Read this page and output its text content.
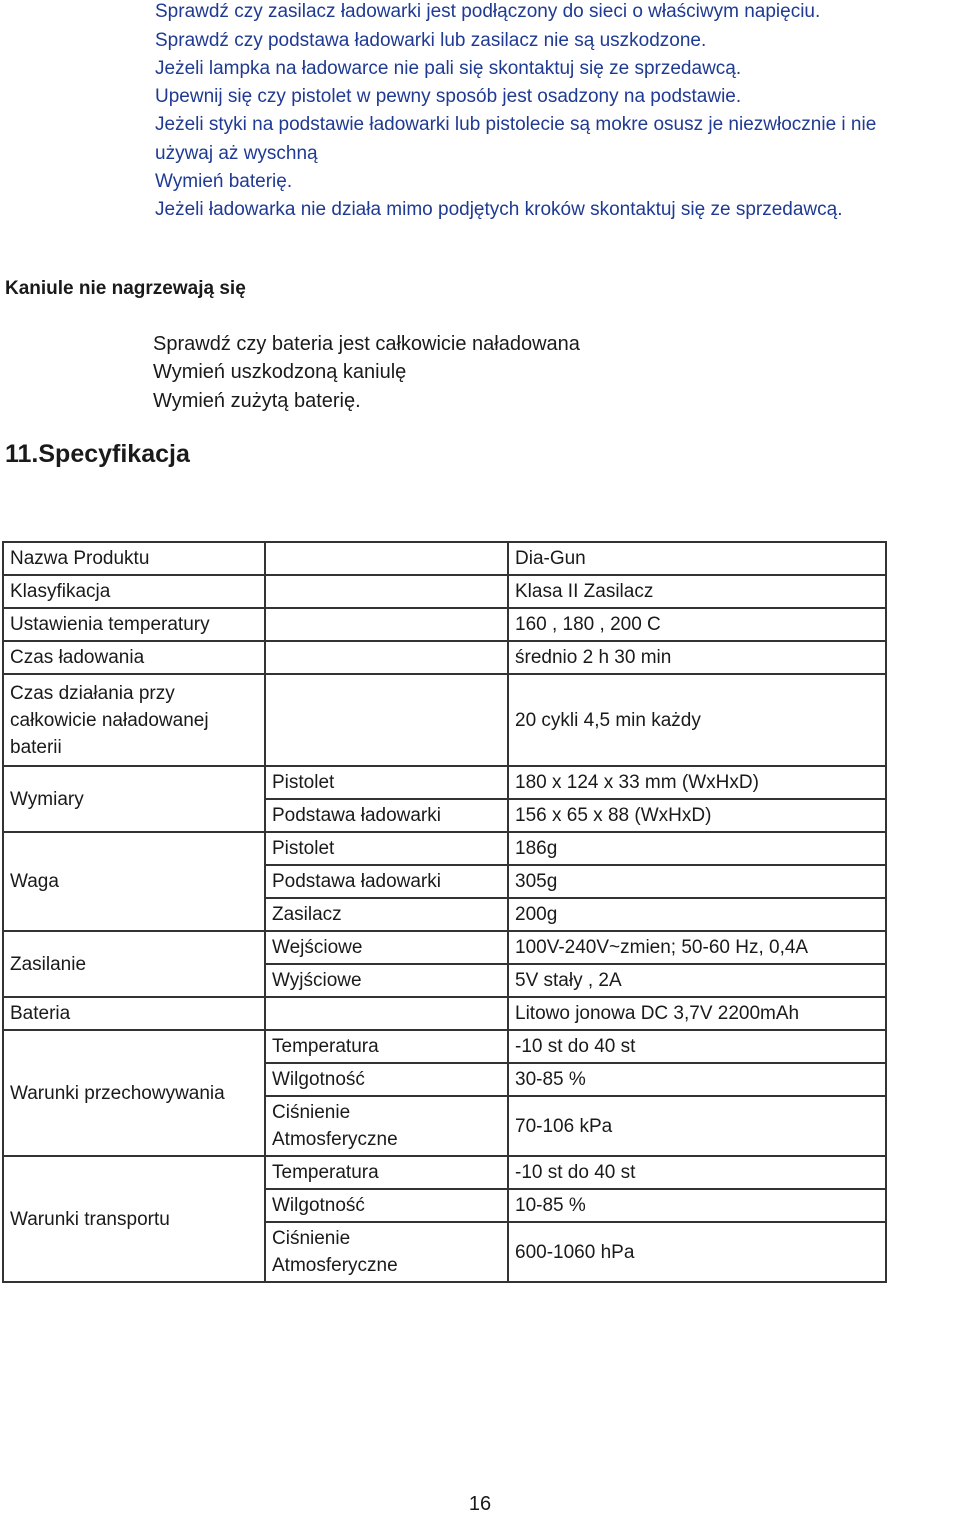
Sprawdź czy zasilacz ładowarki jest podłączony do sieci o właściwym napięciu.
Sprawdź czy podstawa ładowarki lub zasilacz nie są uszkodzone.
Jeżeli lampka na ładowarce nie pali się skontaktuj się ze sprzedawcą.
Upewnij się czy pistolet w pewny sposób jest osadzony na podstawie.
Jeżeli styki na podstawie ładowarki lub pistolecie są mokre osusz je niezwłocznie i nie
używaj aż wyschną
Wymień baterię.
Jeżeli ładowarka nie działa mimo podjętych kroków skontaktuj się ze sprzedawcą.
Kaniule nie nagrzewają się
Sprawdź czy bateria jest całkowicie naładowana
Wymień uszkodzoną kaniulę
Wymień zużytą baterię.
11.Specyfikacja
Nazwa Produktu		Dia-Gun
Klasyfikacja		Klasa II Zasilacz
Ustawienia temperatury		160 , 180 , 200 C
Czas ładowania		średnio 2 h 30 min

Czas działania przy
całkowicie naładowanej
baterii		20 cykli 4,5 min każdy
Wymiary	Pistolet	180 x 124 x 33 mm (WxHxD)
	Podstawa ładowarki	156 x 65 x 88 (WxHxD)
Waga	Pistolet	186g
	Podstawa ładowarki	305g
	Zasilacz	200g
Zasilanie	Wejściowe	100V-240V~zmien; 50-60 Hz, 0,4A
	Wyjściowe	5V stały , 2A
Bateria		Litowo jonowa DC 3,7V 2200mAh
Warunki przechowywania	Temperatura	-10 st do 40 st
	Wilgotność	30-85 %

	Ciśnienie
Atmosferyczne	70-106 kPa
Warunki transportu	Temperatura	-10 st do 40 st
	Wilgotność	10-85 %

	Ciśnienie
Atmosferyczne	600-1060 hPa
16
